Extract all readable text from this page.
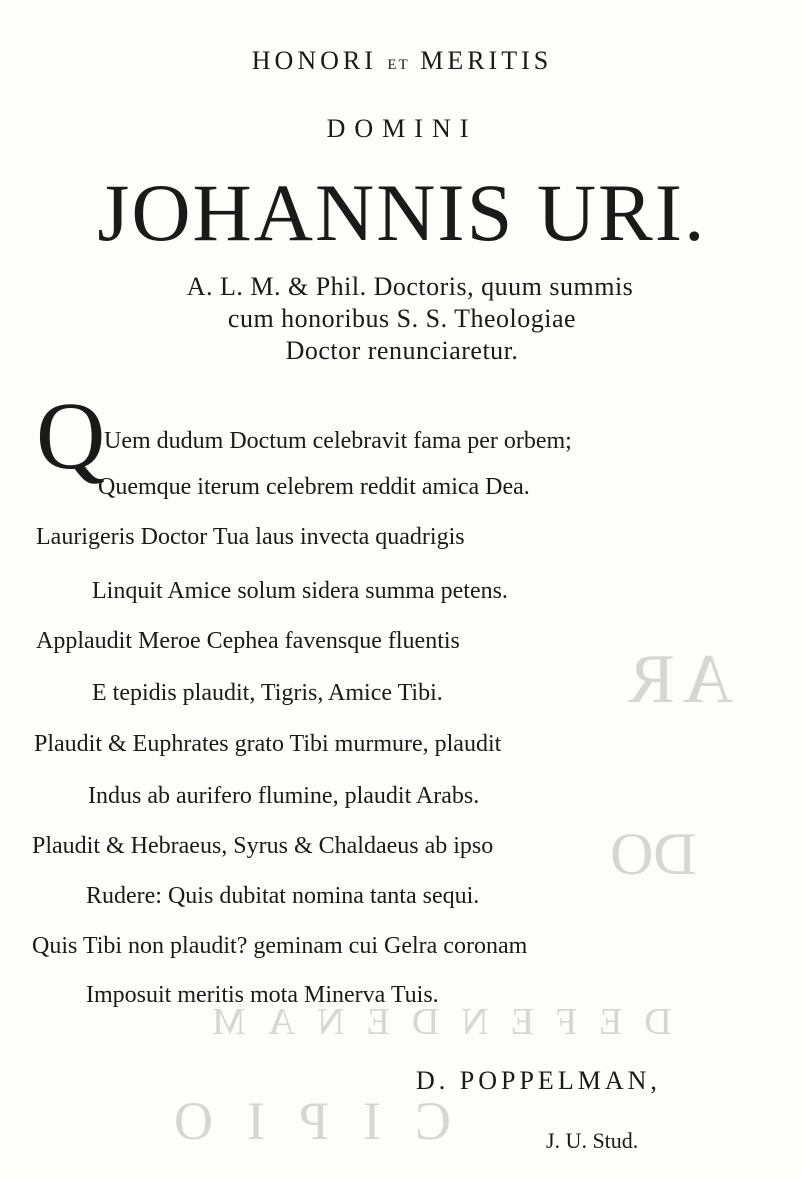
DEFENDENAM
CIPIO
AR
DO
HONORI ET MERITIS
DOMINI
JOHANNIS URI.
A. L. M. & Phil. Doctoris, quum summis
cum honoribus S. S. Theologiae
Doctor renunciaretur.
Q
Uem dudum Doctum celebravit fama per orbem;
Quemque iterum celebrem reddit amica Dea.
Laurigeris Doctor Tua laus invecta quadrigis
Linquit Amice solum sidera summa petens.
Applaudit Meroe Cephea favensque fluentis
E tepidis plaudit, Tigris, Amice Tibi.
Plaudit & Euphrates grato Tibi murmure, plaudit
Indus ab aurifero flumine, plaudit Arabs.
Plaudit & Hebraeus, Syrus & Chaldaeus ab ipso
Rudere: Quis dubitat nomina tanta sequi.
Quis Tibi non plaudit? geminam cui Gelra coronam
Imposuit meritis mota Minerva Tuis.
D. POPPELMAN,
J. U. Stud.
